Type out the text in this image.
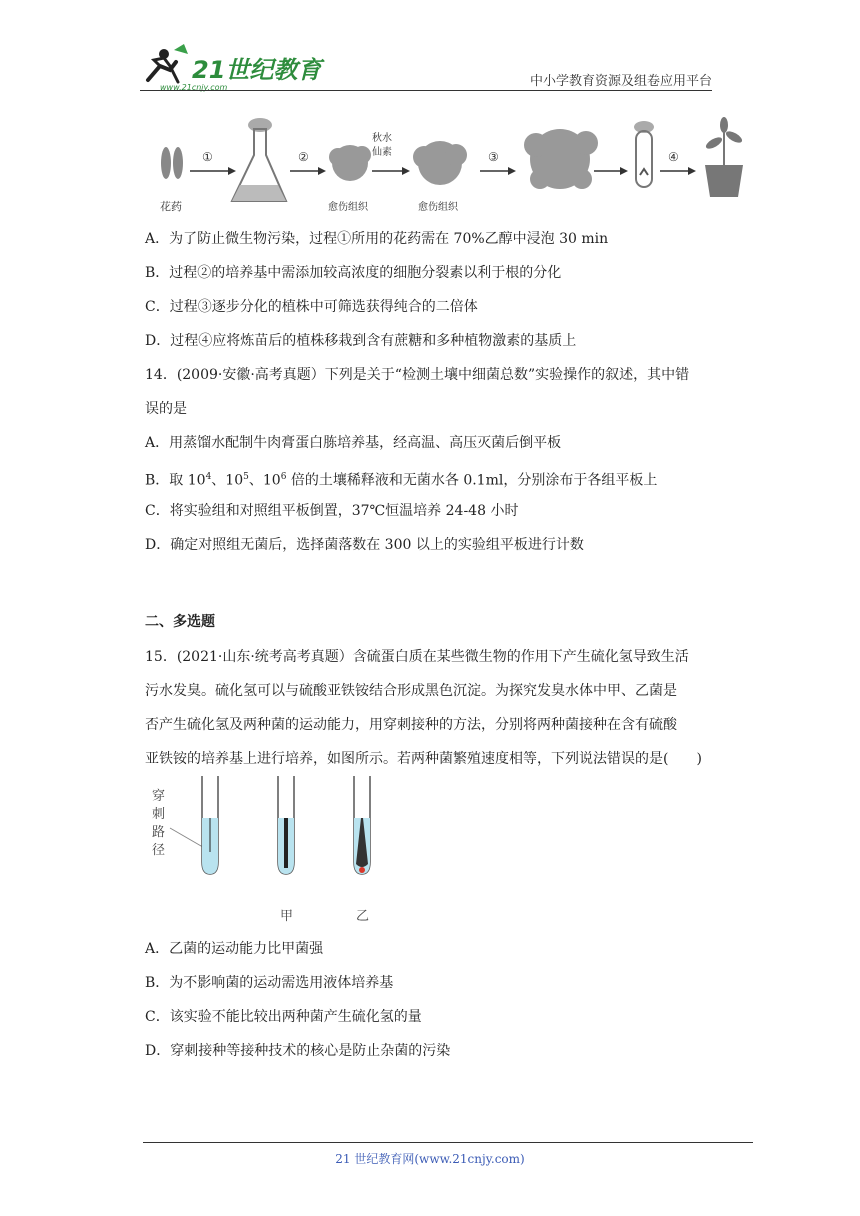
21世纪教育
www.21cnjy.com	中小学教育资源及组卷应用平台
花药
①	②
愈伤组织
秋水
仙素
愈伤组织
③	④
A．为了防止微生物污染，过程①所用的花药需在 70%乙醇中浸泡 30 min
B．过程②的培养基中需添加较高浓度的细胞分裂素以利于根的分化
C．过程③逐步分化的植株中可筛选获得纯合的二倍体
D．过程④应将炼苗后的植株移栽到含有蔗糖和多种植物激素的基质上
14．(2009·安徽·高考真题）下列是关于“检测土壤中细菌总数”实验操作的叙述，其中错
误的是
A．用蒸馏水配制牛肉膏蛋白胨培养基，经高温、高压灭菌后倒平板
B．取 $10^4$、$10^5$、$10^6$ 倍的土壤稀释液和无菌水各 0.1ml，分别涂布于各组平板上
C．将实验组和对照组平板倒置，37℃恒温培养 24-48 小时
D．确定对照组无菌后，选择菌落数在 300 以上的实验组平板进行计数
二、多选题
15．(2021·山东·统考高考真题）含硫蛋白质在某些微生物的作用下产生硫化氢导致生活
污水发臭。硫化氢可以与硫酸亚铁铵结合形成黑色沉淀。为探究发臭水体中甲、乙菌是
否产生硫化氢及两种菌的运动能力，用穿刺接种的方法，分别将两种菌接种在含有硫酸
亚铁铵的培养基上进行培养，如图所示。若两种菌繁殖速度相等，下列说法错误的是(　　)
穿
刺
路
径
甲	乙
A．乙菌的运动能力比甲菌强
B．为不影响菌的运动需选用液体培养基
C．该实验不能比较出两种菌产生硫化氢的量
D．穿刺接种等接种技术的核心是防止杂菌的污染
21 世纪教育网(www.21cnjy.com)
